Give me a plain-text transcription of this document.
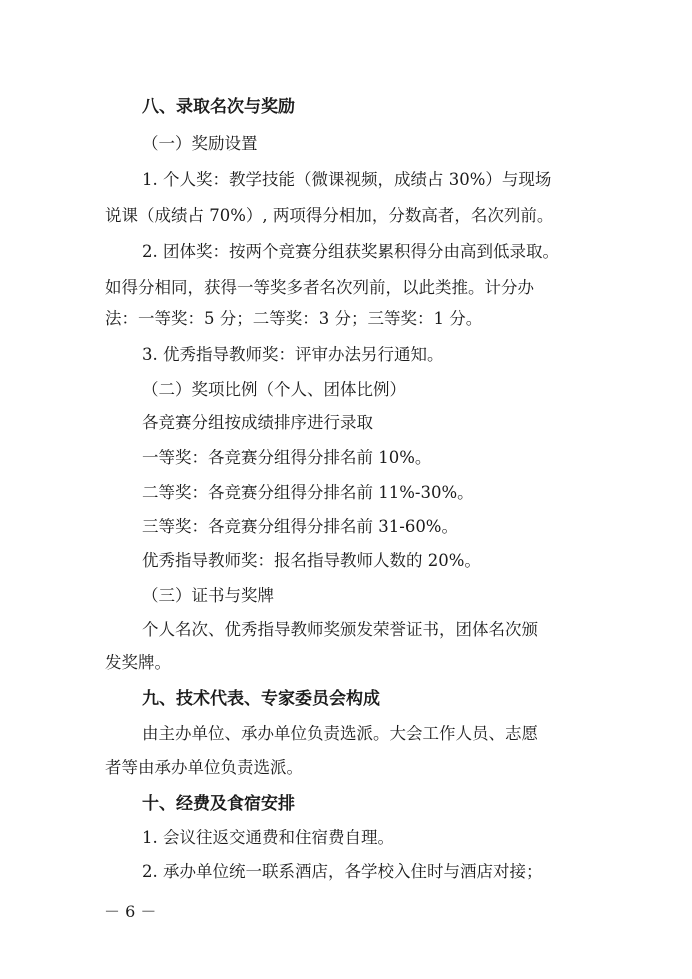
八、录取名次与奖励

（一）奖励设置

1. 个人奖：教学技能（微课视频，成绩占 30%）与现场

说课（成绩占 70%）, 两项得分相加，分数高者，名次列前。

2. 团体奖：按两个竞赛分组获奖累积得分由高到低录取。

如得分相同，获得一等奖多者名次列前，以此类推。计分办

法：一等奖：5 分；二等奖：3 分；三等奖：1 分。

3. 优秀指导教师奖：评审办法另行通知。

（二）奖项比例（个人、团体比例）

各竞赛分组按成绩排序进行录取

一等奖：各竞赛分组得分排名前 10%。

二等奖：各竞赛分组得分排名前 11%-30%。

三等奖：各竞赛分组得分排名前 31-60%。

优秀指导教师奖：报名指导教师人数的 20%。

（三）证书与奖牌

个人名次、优秀指导教师奖颁发荣誉证书，团体名次颁

发奖牌。

九、技术代表、专家委员会构成

由主办单位、承办单位负责选派。大会工作人员、志愿

者等由承办单位负责选派。

十、经费及食宿安排

1. 会议往返交通费和住宿费自理。

2. 承办单位统一联系酒店，各学校入住时与酒店对接；

－ 6 －
